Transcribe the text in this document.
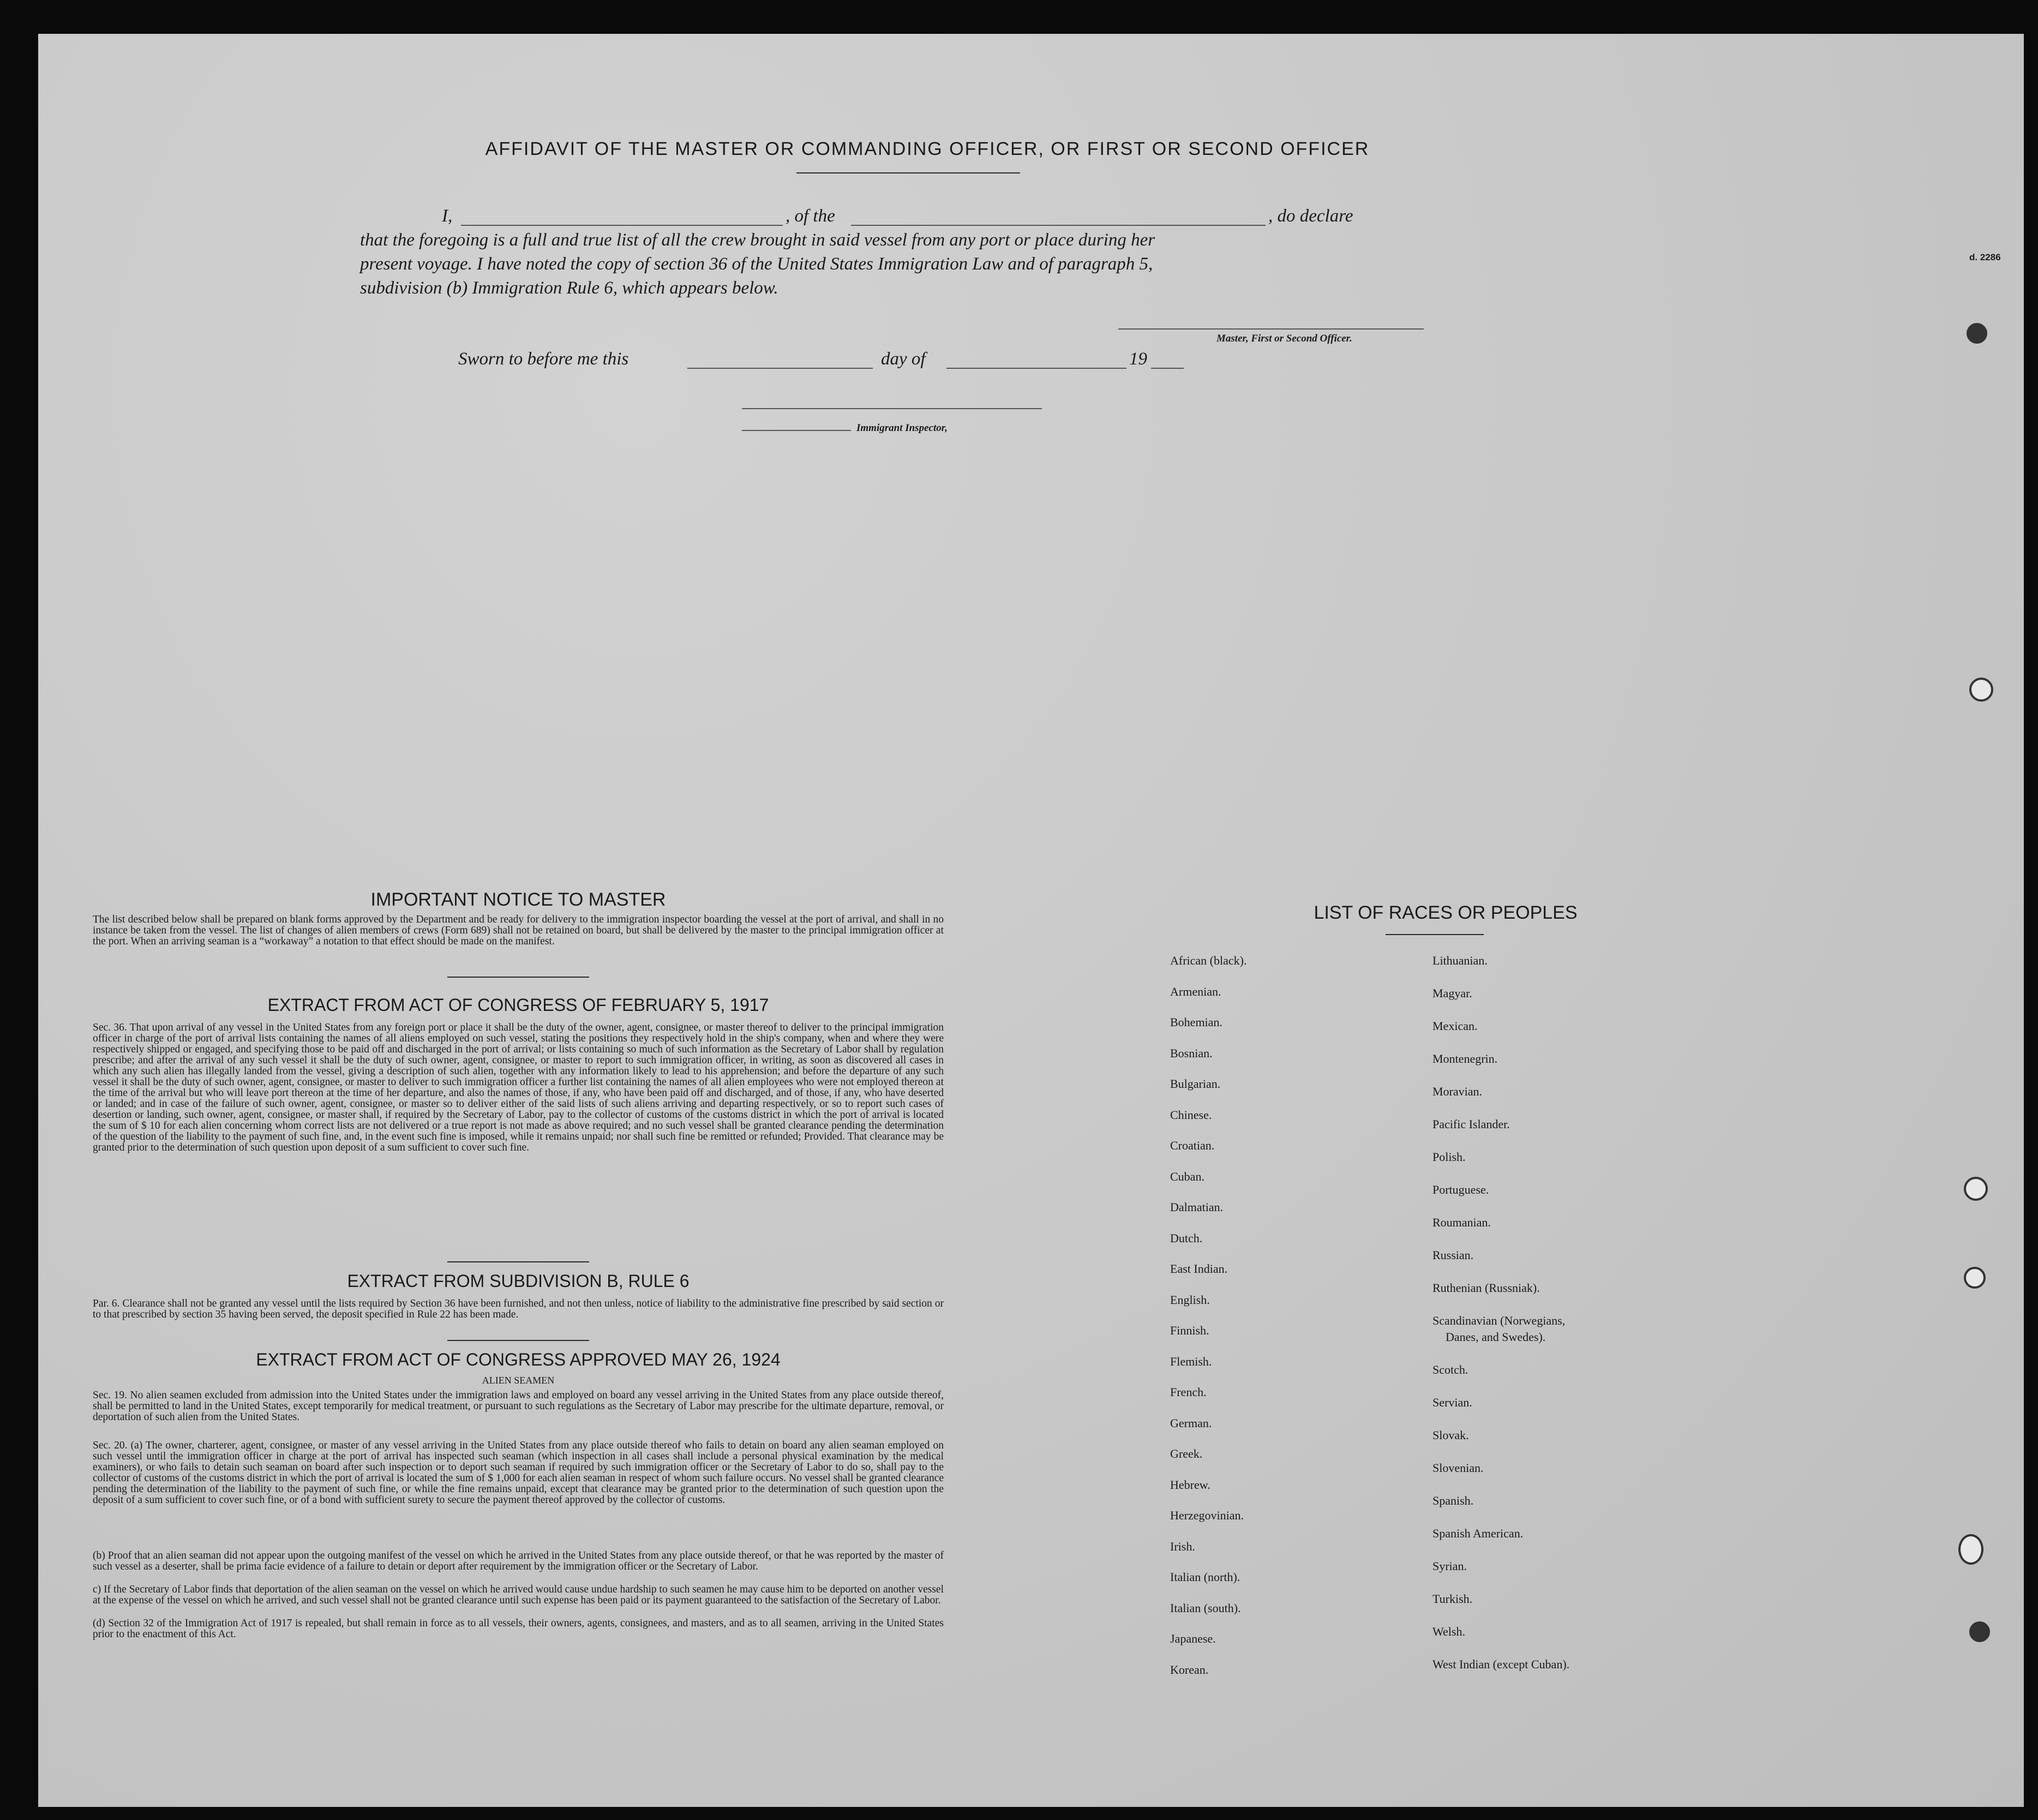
AFFIDAVIT OF THE MASTER OR COMMANDING OFFICER, OR FIRST OR SECOND OFFICER
I,	, of the	, do declare
that the foregoing is a full and true list of all the crew brought in said vessel from any port or place during her
present voyage. I have noted the copy of section 36 of the United States Immigration Law and of paragraph 5,
subdivision (b) Immigration Rule 6, which appears below.
Master, First or Second Officer.
Sworn to before me this	day of	19
Immigrant Inspector,
IMPORTANT NOTICE TO MASTER
The list described below shall be prepared on blank forms approved by the Department and be ready for delivery to the immigration inspector boarding the vessel at the port of arrival, and shall in no instance be taken from the vessel. The list of changes of alien members of crews (Form 689) shall not be retained on board, but shall be delivered by the master to the principal immigration officer at the port. When an arriving seaman is a “workaway” a notation to that effect should be made on the manifest.
EXTRACT FROM ACT OF CONGRESS OF FEBRUARY 5, 1917
Sec. 36. That upon arrival of any vessel in the United States from any foreign port or place it shall be the duty of the owner, agent, consignee, or master thereof to deliver to the principal immigration officer in charge of the port of arrival lists containing the names of all aliens employed on such vessel, stating the positions they respectively hold in the ship's company, when and where they were respectively shipped or engaged, and specifying those to be paid off and discharged in the port of arrival; or lists containing so much of such information as the Secretary of Labor shall by regulation prescribe; and after the arrival of any such vessel it shall be the duty of such owner, agent, consignee, or master to report to such immigration officer, in writing, as soon as discovered all cases in which any such alien has illegally landed from the vessel, giving a description of such alien, together with any information likely to lead to his apprehension; and before the departure of any such vessel it shall be the duty of such owner, agent, consignee, or master to deliver to such immigration officer a further list containing the names of all alien employees who were not employed thereon at the time of the arrival but who will leave port thereon at the time of her departure, and also the names of those, if any, who have been paid off and discharged, and of those, if any, who have deserted or landed; and in case of the failure of such owner, agent, consignee, or master so to deliver either of the said lists of such aliens arriving and departing respectively, or so to report such cases of desertion or landing, such owner, agent, consignee, or master shall, if required by the Secretary of Labor, pay to the collector of customs of the customs district in which the port of arrival is located the sum of $ 10 for each alien concerning whom correct lists are not delivered or a true report is not made as above required; and no such vessel shall be granted clearance pending the determination of the question of the liability to the payment of such fine, and, in the event such fine is imposed, while it remains unpaid; nor shall such fine be remitted or refunded; Provided. That clearance may be granted prior to the determination of such question upon deposit of a sum sufficient to cover such fine.
EXTRACT FROM SUBDIVISION B, RULE 6
Par. 6. Clearance shall not be granted any vessel until the lists required by Section 36 have been furnished, and not then unless, notice of liability to the administrative fine prescribed by said section or to that prescribed by section 35 having been served, the deposit specified in Rule 22 has been made.
EXTRACT FROM ACT OF CONGRESS APPROVED MAY 26, 1924
ALIEN SEAMEN
Sec. 19. No alien seamen excluded from admission into the United States under the immigration laws and employed on board any vessel arriving in the United States from any place outside thereof, shall be permitted to land in the United States, except temporarily for medical treatment, or pursuant to such regulations as the Secretary of Labor may prescribe for the ultimate departure, removal, or deportation of such alien from the United States.
Sec. 20. (a) The owner, charterer, agent, consignee, or master of any vessel arriving in the United States from any place outside thereof who fails to detain on board any alien seaman employed on such vessel until the immigration officer in charge at the port of arrival has inspected such seaman (which inspection in all cases shall include a personal physical examination by the medical examiners), or who fails to detain such seaman on board after such inspection or to deport such seaman if required by such immigration officer or the Secretary of Labor to do so, shall pay to the collector of customs of the customs district in which the port of arrival is located the sum of $ 1,000 for each alien seaman in respect of whom such failure occurs. No vessel shall be granted clearance pending the determination of the liability to the payment of such fine, or while the fine remains unpaid, except that clearance may be granted prior to the determination of such question upon the deposit of a sum sufficient to cover such fine, or of a bond with sufficient surety to secure the payment thereof approved by the collector of customs.
(b) Proof that an alien seaman did not appear upon the outgoing manifest of the vessel on which he arrived in the United States from any place outside thereof, or that he was reported by the master of such vessel as a deserter, shall be prima facie evidence of a failure to detain or deport after requirement by the immigration officer or the Secretary of Labor.
c) If the Secretary of Labor finds that deportation of the alien seaman on the vessel on which he arrived would cause undue hardship to such seamen he may cause him to be deported on another vessel at the expense of the vessel on which he arrived, and such vessel shall not be granted clearance until such expense has been paid or its payment guaranteed to the satisfaction of the Secretary of Labor.
(d) Section 32 of the Immigration Act of 1917 is repealed, but shall remain in force as to all vessels, their owners, agents, consignees, and masters, and as to all seamen, arriving in the United States prior to the enactment of this Act.
LIST OF RACES OR PEOPLES
African (black).
Armenian.
Bohemian.
Bosnian.
Bulgarian.
Chinese.
Croatian.
Cuban.
Dalmatian.
Dutch.
East Indian.
English.
Finnish.
Flemish.
French.
German.
Greek.
Hebrew.
Herzegovinian.
Irish.
Italian (north).
Italian (south).
Japanese.
Korean.
Lithuanian.
Magyar.
Mexican.
Montenegrin.
Moravian.
Pacific Islander.
Polish.
Portuguese.
Roumanian.
Russian.
Ruthenian (Russniak).
Scandinavian (Norwegians,
Danes, and Swedes).
Scotch.
Servian.
Slovak.
Slovenian.
Spanish.
Spanish American.
Syrian.
Turkish.
Welsh.
West Indian (except Cuban).
d. 2286
